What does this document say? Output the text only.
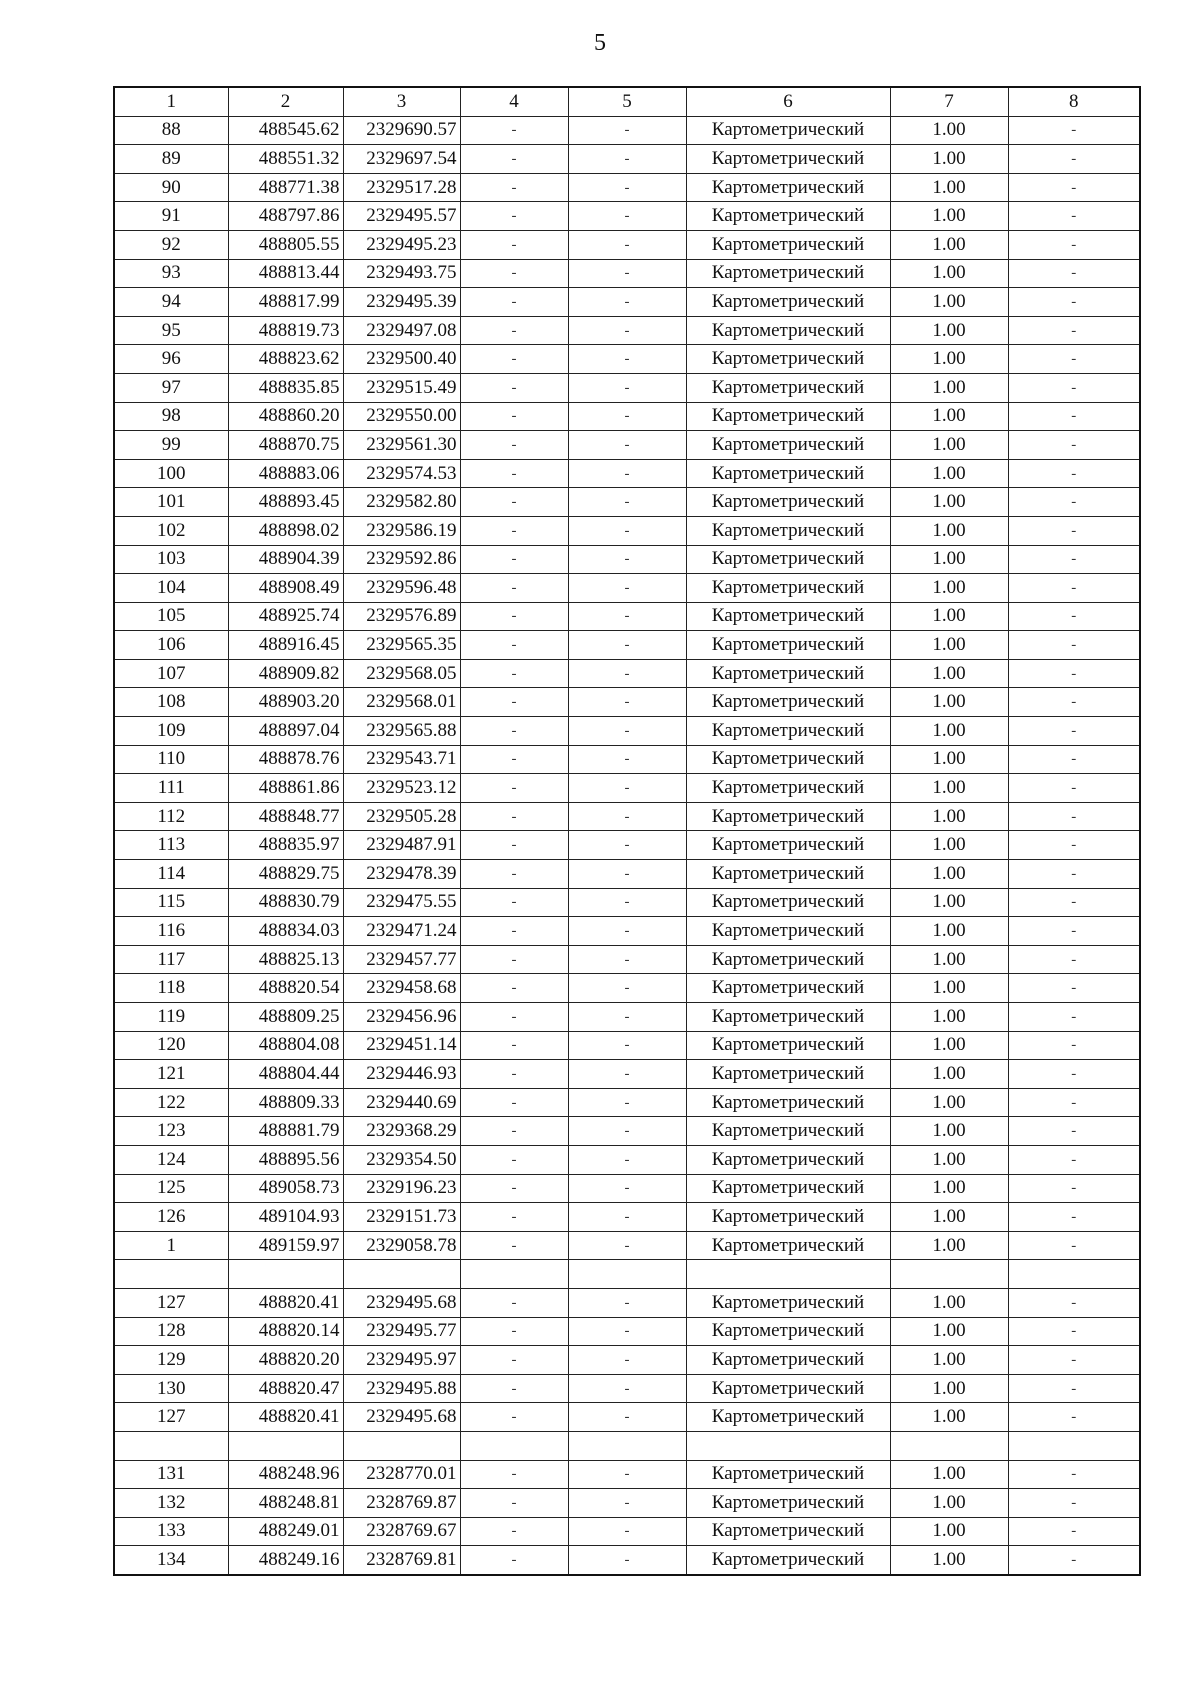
5
1	2	3	4	5	6	7	8
88	488545.62	2329690.57	-	-	Картометрический	1.00	-
89	488551.32	2329697.54	-	-	Картометрический	1.00	-
90	488771.38	2329517.28	-	-	Картометрический	1.00	-
91	488797.86	2329495.57	-	-	Картометрический	1.00	-
92	488805.55	2329495.23	-	-	Картометрический	1.00	-
93	488813.44	2329493.75	-	-	Картометрический	1.00	-
94	488817.99	2329495.39	-	-	Картометрический	1.00	-
95	488819.73	2329497.08	-	-	Картометрический	1.00	-
96	488823.62	2329500.40	-	-	Картометрический	1.00	-
97	488835.85	2329515.49	-	-	Картометрический	1.00	-
98	488860.20	2329550.00	-	-	Картометрический	1.00	-
99	488870.75	2329561.30	-	-	Картометрический	1.00	-
100	488883.06	2329574.53	-	-	Картометрический	1.00	-
101	488893.45	2329582.80	-	-	Картометрический	1.00	-
102	488898.02	2329586.19	-	-	Картометрический	1.00	-
103	488904.39	2329592.86	-	-	Картометрический	1.00	-
104	488908.49	2329596.48	-	-	Картометрический	1.00	-
105	488925.74	2329576.89	-	-	Картометрический	1.00	-
106	488916.45	2329565.35	-	-	Картометрический	1.00	-
107	488909.82	2329568.05	-	-	Картометрический	1.00	-
108	488903.20	2329568.01	-	-	Картометрический	1.00	-
109	488897.04	2329565.88	-	-	Картометрический	1.00	-
110	488878.76	2329543.71	-	-	Картометрический	1.00	-
111	488861.86	2329523.12	-	-	Картометрический	1.00	-
112	488848.77	2329505.28	-	-	Картометрический	1.00	-
113	488835.97	2329487.91	-	-	Картометрический	1.00	-
114	488829.75	2329478.39	-	-	Картометрический	1.00	-
115	488830.79	2329475.55	-	-	Картометрический	1.00	-
116	488834.03	2329471.24	-	-	Картометрический	1.00	-
117	488825.13	2329457.77	-	-	Картометрический	1.00	-
118	488820.54	2329458.68	-	-	Картометрический	1.00	-
119	488809.25	2329456.96	-	-	Картометрический	1.00	-
120	488804.08	2329451.14	-	-	Картометрический	1.00	-
121	488804.44	2329446.93	-	-	Картометрический	1.00	-
122	488809.33	2329440.69	-	-	Картометрический	1.00	-
123	488881.79	2329368.29	-	-	Картометрический	1.00	-
124	488895.56	2329354.50	-	-	Картометрический	1.00	-
125	489058.73	2329196.23	-	-	Картометрический	1.00	-
126	489104.93	2329151.73	-	-	Картометрический	1.00	-
1	489159.97	2329058.78	-	-	Картометрический	1.00	-

127	488820.41	2329495.68	-	-	Картометрический	1.00	-
128	488820.14	2329495.77	-	-	Картометрический	1.00	-
129	488820.20	2329495.97	-	-	Картометрический	1.00	-
130	488820.47	2329495.88	-	-	Картометрический	1.00	-
127	488820.41	2329495.68	-	-	Картометрический	1.00	-

131	488248.96	2328770.01	-	-	Картометрический	1.00	-
132	488248.81	2328769.87	-	-	Картометрический	1.00	-
133	488249.01	2328769.67	-	-	Картометрический	1.00	-
134	488249.16	2328769.81	-	-	Картометрический	1.00	-
